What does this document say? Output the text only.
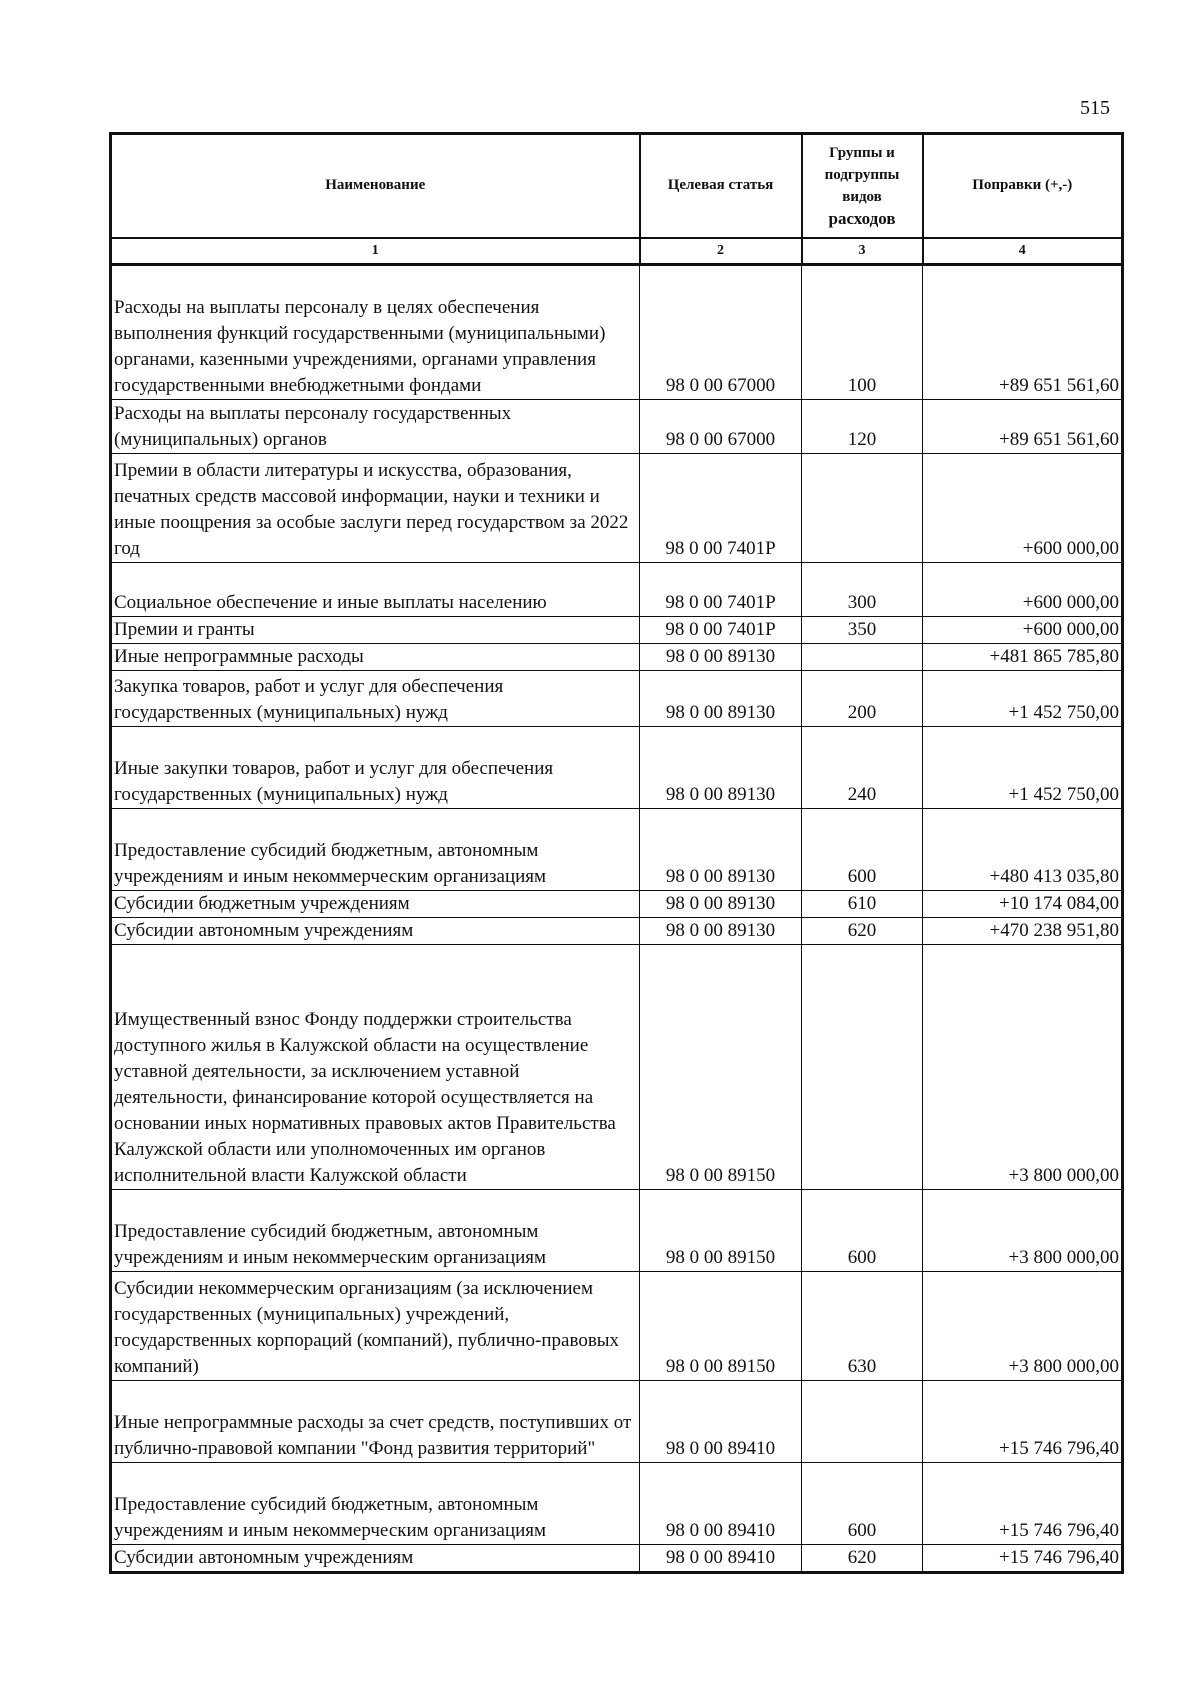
515
Наименование	Целевая статья	Группы и
подгруппы
видов
расходов	Поправки (+,-)
1	2	3	4
Расходы на выплаты персоналу в целях обеспечения выполнения функций государственными (муниципальными) органами, казенными учреждениями, органами управления государственными внебюджетными фондами	98 0 00 67000	100	+89 651 561,60
Расходы на выплаты персоналу государственных (муниципальных) органов	98 0 00 67000	120	+89 651 561,60
Премии в области литературы и искусства, образования, печатных средств массовой информации, науки и техники и иные поощрения за особые заслуги перед государством за 2022 год	98 0 00 7401P		+600 000,00
Социальное обеспечение и иные выплаты населению	98 0 00 7401P	300	+600 000,00
Премии и гранты	98 0 00 7401P	350	+600 000,00
Иные непрограммные расходы	98 0 00 89130		+481 865 785,80
Закупка товаров, работ и услуг для обеспечения государственных (муниципальных) нужд	98 0 00 89130	200	+1 452 750,00
Иные закупки товаров, работ и услуг для обеспечения государственных (муниципальных) нужд	98 0 00 89130	240	+1 452 750,00
Предоставление субсидий бюджетным, автономным учреждениям и иным некоммерческим организациям	98 0 00 89130	600	+480 413 035,80
Субсидии бюджетным учреждениям	98 0 00 89130	610	+10 174 084,00
Субсидии автономным учреждениям	98 0 00 89130	620	+470 238 951,80
Имущественный взнос Фонду поддержки строительства доступного жилья в Калужской области на осуществление уставной деятельности, за исключением уставной деятельности, финансирование которой осуществляется на основании иных нормативных правовых актов Правительства Калужской области или уполномоченных им органов исполнительной власти Калужской области	98 0 00 89150		+3 800 000,00
Предоставление субсидий бюджетным, автономным учреждениям и иным некоммерческим организациям	98 0 00 89150	600	+3 800 000,00
Субсидии некоммерческим организациям (за исключением государственных (муниципальных) учреждений, государственных корпораций (компаний), публично-правовых компаний)	98 0 00 89150	630	+3 800 000,00
Иные непрограммные расходы за счет средств, поступивших от публично-правовой компании "Фонд развития территорий"	98 0 00 89410		+15 746 796,40
Предоставление субсидий бюджетным, автономным учреждениям и иным некоммерческим организациям	98 0 00 89410	600	+15 746 796,40
Субсидии автономным учреждениям	98 0 00 89410	620	+15 746 796,40
